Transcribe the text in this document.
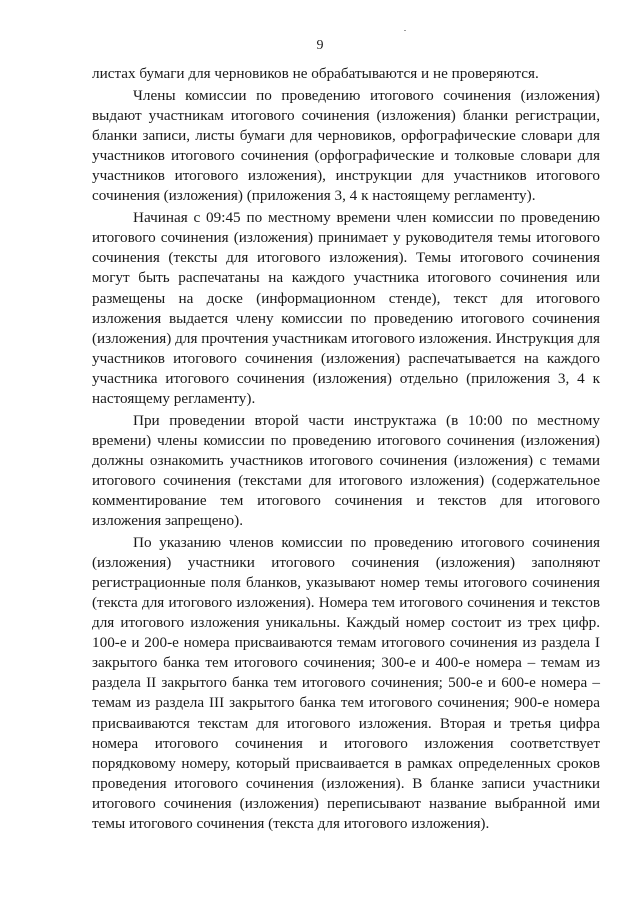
9

листах бумаги для черновиков не обрабатываются и не проверяются.

Члены комиссии по проведению итогового сочинения (изложения) выдают участникам итогового сочинения (изложения) бланки регистрации, бланки записи, листы бумаги для черновиков, орфографические словари для участников итогового сочинения (орфографические и толковые словари для участников итогового изложения), инструкции для участников итогового сочинения (изложения) (приложения 3, 4 к настоящему регламенту).

Начиная с 09:45 по местному времени член комиссии по проведению итогового сочинения (изложения) принимает у руководителя темы итогового сочинения (тексты для итогового изложения). Темы итогового сочинения могут быть распечатаны на каждого участника итогового сочинения или размещены на доске (информационном стенде), текст для итогового изложения выдается члену комиссии по проведению итогового сочинения (изложения) для прочтения участникам итогового изложения. Инструкция для участников итогового сочинения (изложения) распечатывается на каждого участника итогового сочинения (изложения) отдельно (приложения 3, 4 к настоящему регламенту).

При проведении второй части инструктажа (в 10:00 по местному времени) члены комиссии по проведению итогового сочинения (изложения) должны ознакомить участников итогового сочинения (изложения) с темами итогового сочинения (текстами для итогового изложения) (содержательное комментирование тем итогового сочинения и текстов для итогового изложения запрещено).

По указанию членов комиссии по проведению итогового сочинения (изложения) участники итогового сочинения (изложения) заполняют регистрационные поля бланков, указывают номер темы итогового сочинения (текста для итогового изложения). Номера тем итогового сочинения и текстов для итогового изложения уникальны. Каждый номер состоит из трех цифр. 100-е и 200-е номера присваиваются темам итогового сочинения из раздела I закрытого банка тем итогового сочинения; 300-е и 400-е номера – темам из раздела II закрытого банка тем итогового сочинения; 500-е и 600-е номера – темам из раздела III закрытого банка тем итогового сочинения; 900-е номера присваиваются текстам для итогового изложения. Вторая и третья цифра номера итогового сочинения и итогового изложения соответствует порядковому номеру, который присваивается в рамках определенных сроков проведения итогового сочинения (изложения). В бланке записи участники итогового сочинения (изложения) переписывают название выбранной ими темы итогового сочинения (текста для итогового изложения).
